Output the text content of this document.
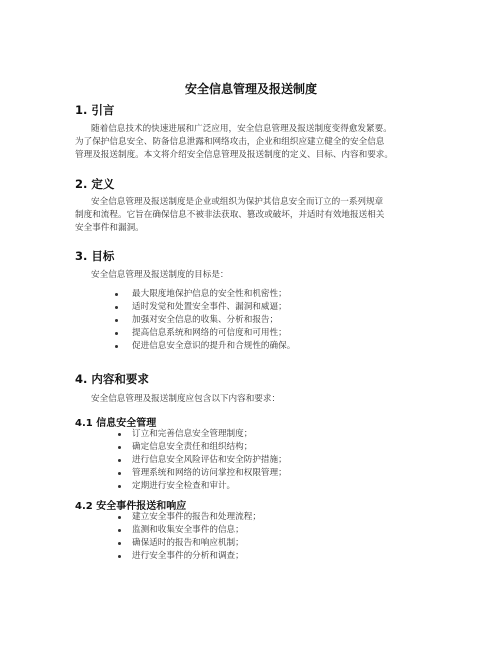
安全信息管理及报送制度
1. 引言
随着信息技术的快速进展和广泛应用，安全信息管理及报送制度变得愈发紧要。
为了保护信息安全、防备信息泄露和网络攻击，企业和组织应建立健全的安全信息
管理及报送制度。本文将介绍安全信息管理及报送制度的定义、目标、内容和要求。
2. 定义
安全信息管理及报送制度是企业或组织为保护其信息安全而订立的一系列规章
制度和流程。它旨在确保信息不被非法获取、篡改或破坏，并适时有效地报送相关
安全事件和漏洞。
3. 目标
安全信息管理及报送制度的目标是：
最大限度地保护信息的安全性和机密性；
适时发觉和处置安全事件、漏洞和威逼；
加强对安全信息的收集、分析和报告；
提高信息系统和网络的可信度和可用性；
促进信息安全意识的提升和合规性的确保。
4. 内容和要求
安全信息管理及报送制度应包含以下内容和要求：
4.1 信息安全管理
订立和完善信息安全管理制度；
确定信息安全责任和组织结构；
进行信息安全风险评估和安全防护措施；
管理系统和网络的访问掌控和权限管理；
定期进行安全检查和审计。
4.2 安全事件报送和响应
建立安全事件的报告和处理流程；
监测和收集安全事件的信息；
确保适时的报告和响应机制；
进行安全事件的分析和调查；
